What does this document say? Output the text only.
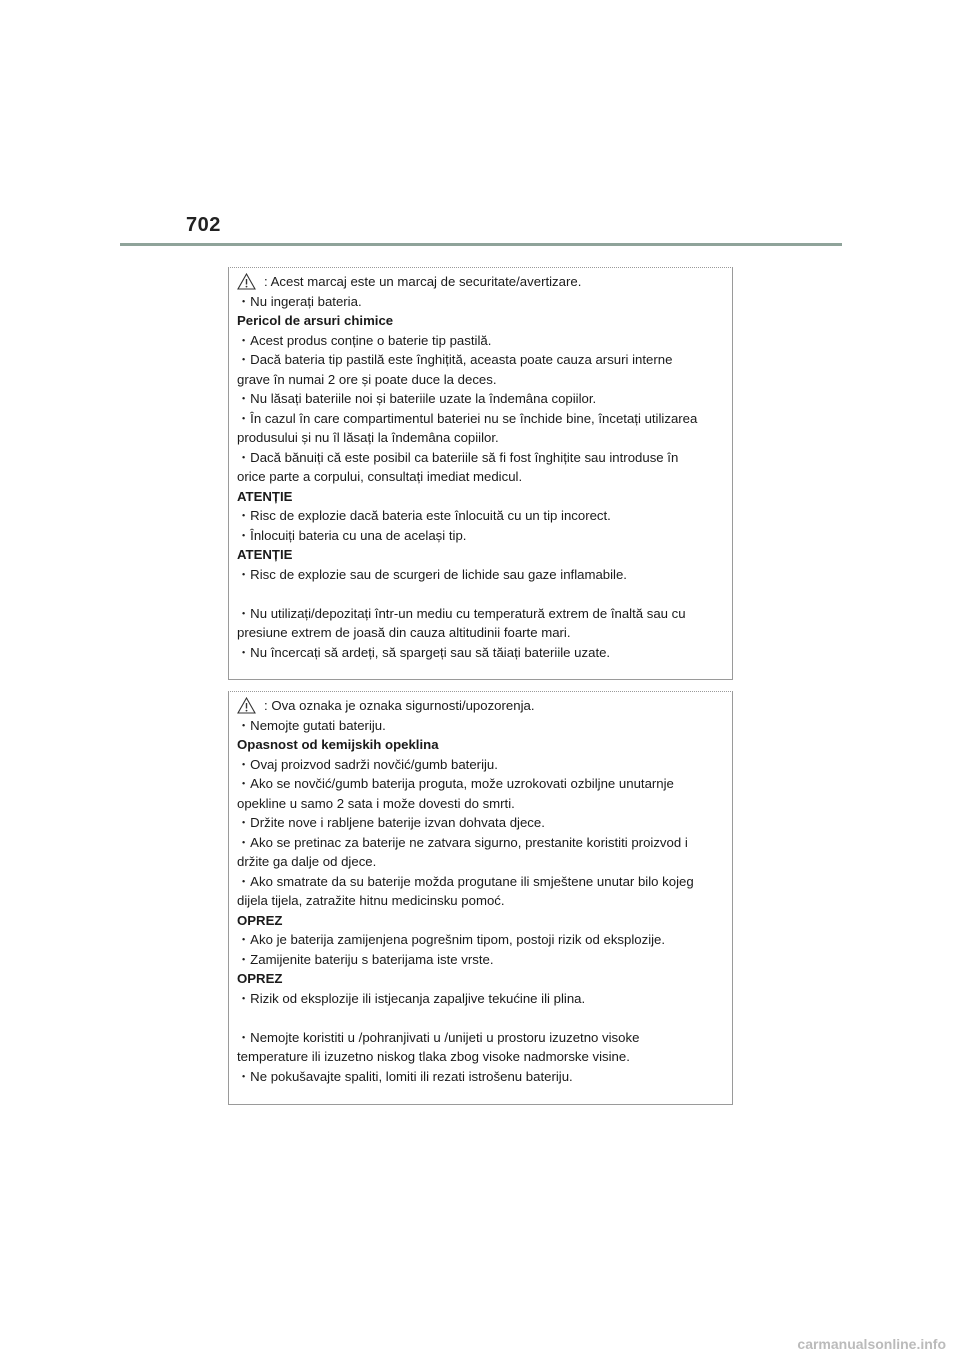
702
: Acest marcaj este un marcaj de securitate/avertizare.
・Nu ingerați bateria.
Pericol de arsuri chimice
・Acest produs conține o baterie tip pastilă.
・Dacă bateria tip pastilă este înghițită, aceasta poate cauza arsuri interne
grave în numai 2 ore și poate duce la deces.
・Nu lăsați bateriile noi și bateriile uzate la îndemâna copiilor.
・În cazul în care compartimentul bateriei nu se închide bine, încetați utilizarea
produsului și nu îl lăsați la îndemâna copiilor.
・Dacă bănuiți că este posibil ca bateriile să fi fost înghițite sau introduse în
orice parte a corpului, consultați imediat medicul.
ATENȚIE
・Risc de explozie dacă bateria este înlocuită cu un tip incorect.
・Înlocuiți bateria cu una de același tip.
ATENȚIE
・Risc de explozie sau de scurgeri de lichide sau gaze inflamabile.
・Nu utilizați/depozitați într-un mediu cu temperatură extrem de înaltă sau cu
presiune extrem de joasă din cauza altitudinii foarte mari.
・Nu încercați să ardeți, să spargeți sau să tăiați bateriile uzate.
: Ova oznaka je oznaka sigurnosti/upozorenja.
・Nemojte gutati bateriju.
Opasnost od kemijskih opeklina
・Ovaj proizvod sadrži novčić/gumb bateriju.
・Ako se novčić/gumb baterija proguta, može uzrokovati ozbiljne unutarnje
opekline u samo 2 sata i može dovesti do smrti.
・Držite nove i rabljene baterije izvan dohvata djece.
・Ako se pretinac za baterije ne zatvara sigurno, prestanite koristiti proizvod i
držite ga dalje od djece.
・Ako smatrate da su baterije možda progutane ili smještene unutar bilo kojeg
dijela tijela, zatražite hitnu medicinsku pomoć.
OPREZ
・Ako je baterija zamijenjena pogrešnim tipom, postoji rizik od eksplozije.
・Zamijenite bateriju s baterijama iste vrste.
OPREZ
・Rizik od eksplozije ili istjecanja zapaljive tekućine ili plina.
・Nemojte koristiti u /pohranjivati u /unijeti u prostoru izuzetno visoke
temperature ili izuzetno niskog tlaka zbog visoke nadmorske visine.
・Ne pokušavajte spaliti, lomiti ili rezati istrošenu bateriju.
carmanualsonline.info
